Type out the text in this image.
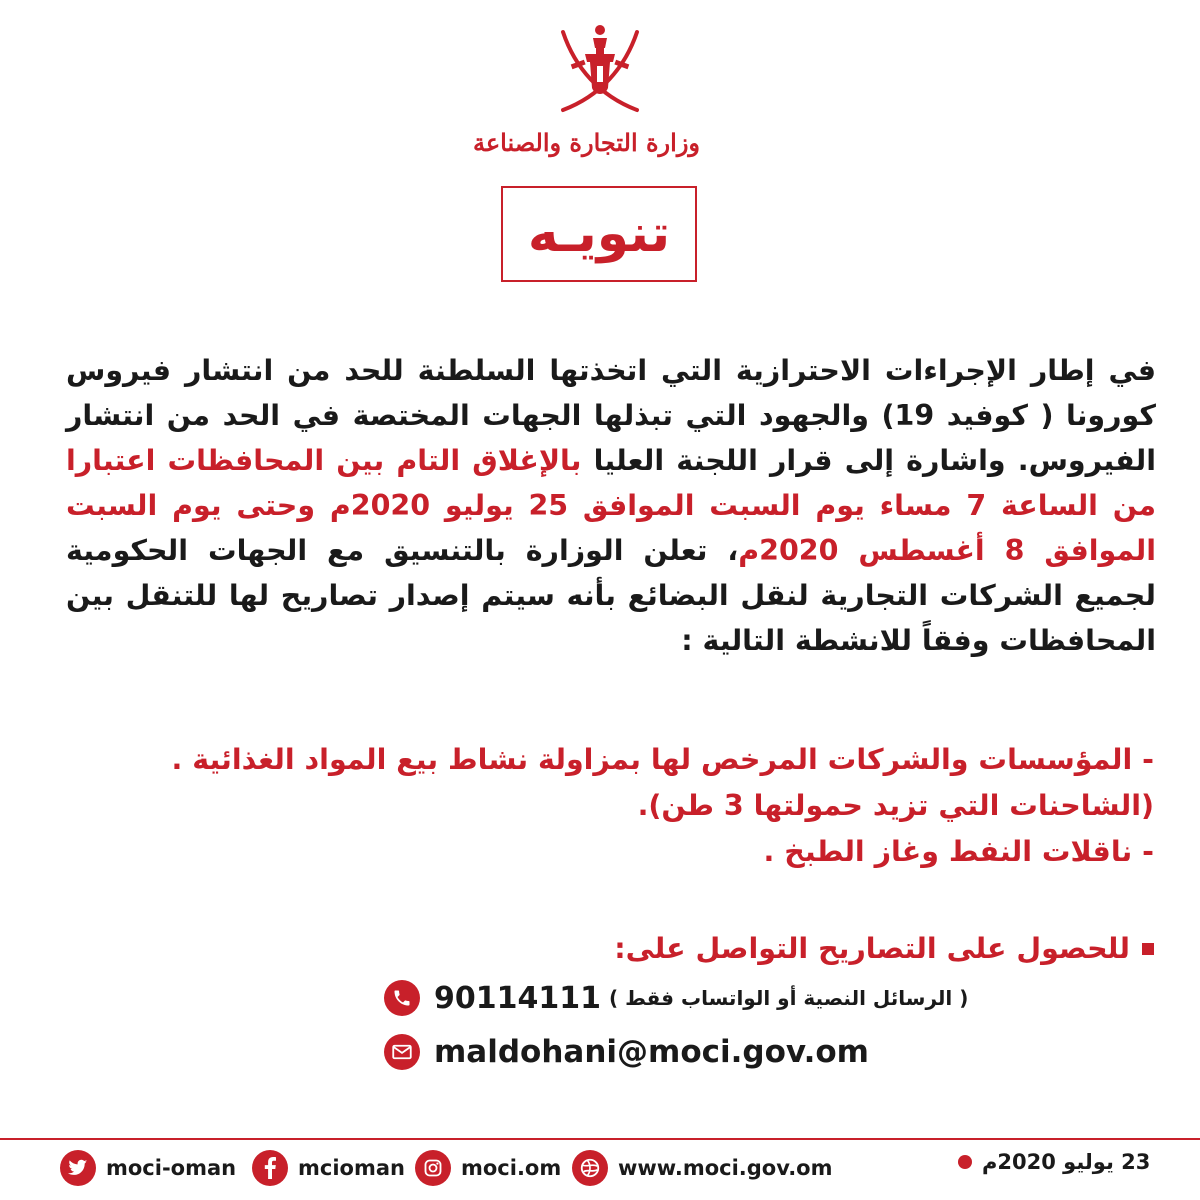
وزارة التجارة والصناعة
تنويـه
في إطار الإجراءات الاحترازية التي اتخذتها السلطنة للحد من انتشار فيروس كورونا ( كوفيد 19) والجهود التي تبذلها الجهات المختصة في الحد من انتشار الفيروس. واشارة إلى قرار اللجنة العليا بالإغلاق التام بين المحافظات اعتبارا من الساعة 7 مساء يوم السبت الموافق 25 يوليو 2020م وحتى يوم السبت الموافق 8 أغسطس 2020م، تعلن الوزارة بالتنسيق مع الجهات الحكومية لجميع الشركات التجارية لنقل البضائع بأنه سيتم إصدار تصاريح لها للتنقل بين المحافظات وفقاً للانشطة التالية :
- المؤسسات والشركات المرخص لها بمزاولة نشاط بيع المواد الغذائية .
(الشاحنات التي تزيد حمولتها 3 طن).
- ناقلات النفط وغاز الطبخ .
للحصول على التصاريح التواصل على:
90114111 ( الرسائل النصية أو الواتساب فقط )
maldohani@moci.gov.om
moci-oman	mcioman	moci.om	www.moci.gov.om	23 يوليو 2020م
